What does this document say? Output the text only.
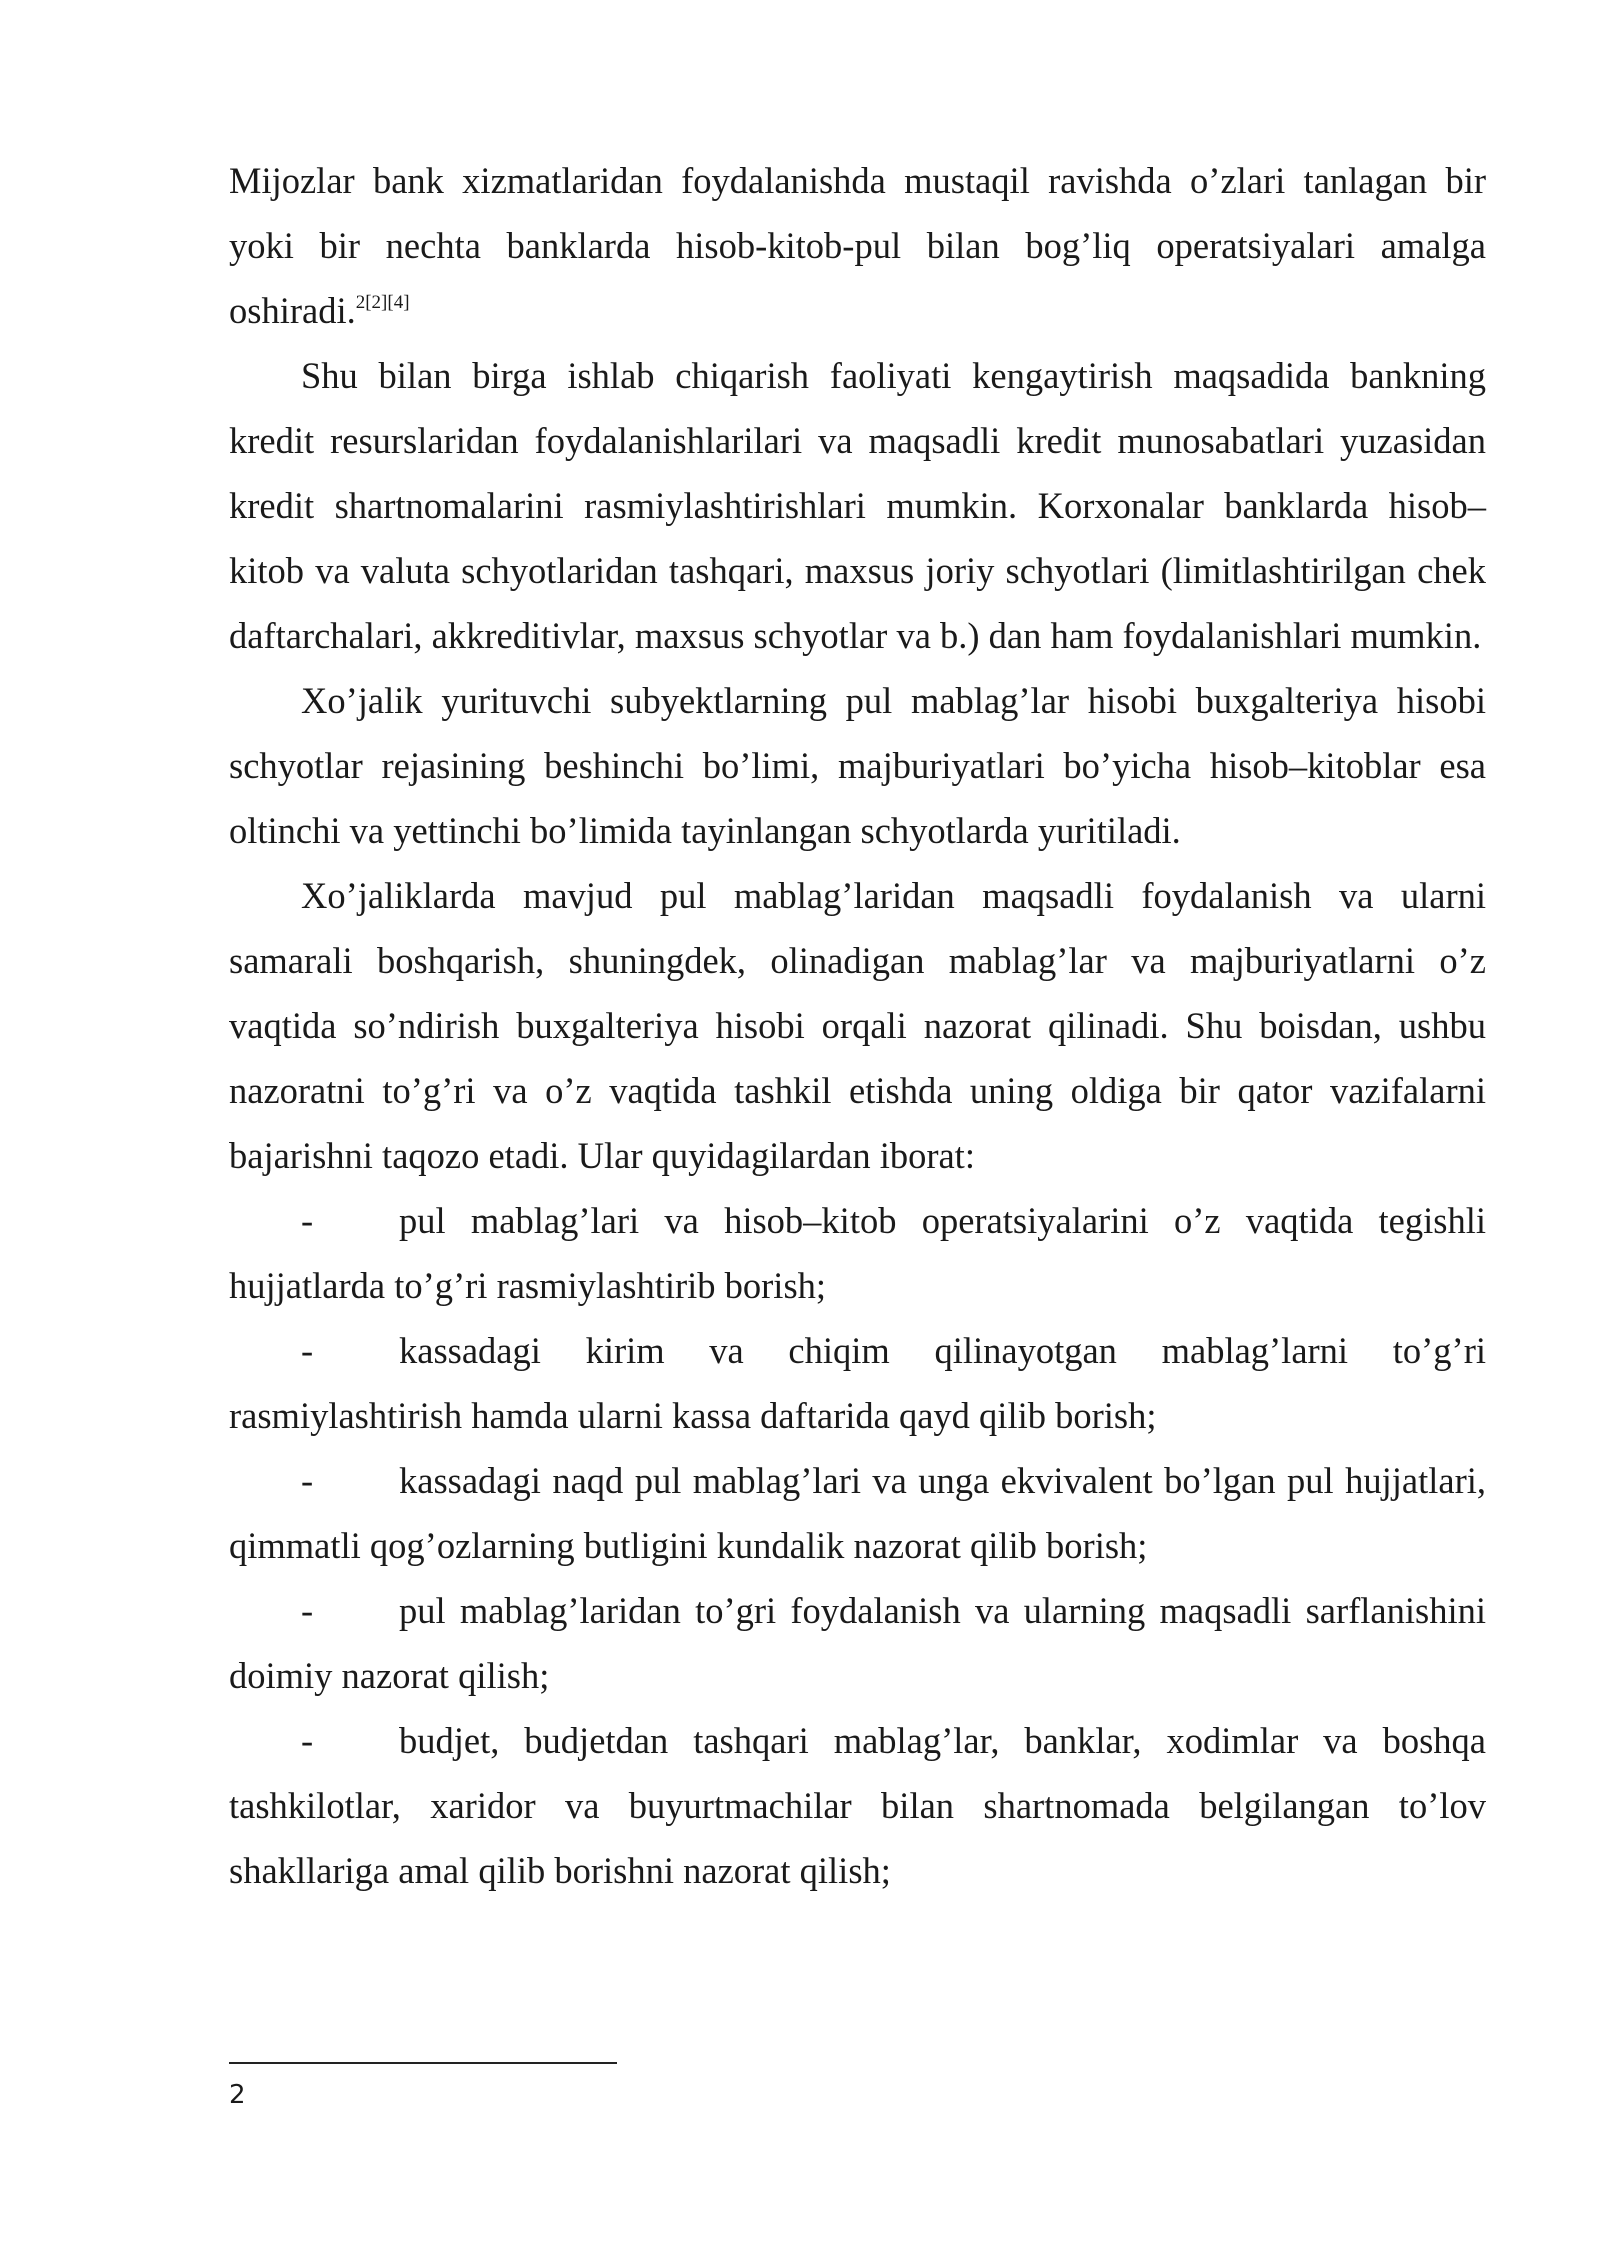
Mijozlar bank xizmatlaridan foydalanishda mustaqil ravishda o’zlari tanlagan bir yoki bir nechta banklarda hisob-kitob-pul bilan bog’liq operatsiyalari amalga oshiradi.$^{2[2][4]}$

Shu bilan birga ishlab chiqarish faoliyati kengaytirish maqsadida bankning kredit resurslaridan foydalanishlarilari va maqsadli kredit munosabatlari yuzasidan kredit shartnomalarini rasmiylashtirishlari mumkin. Korxonalar banklarda hisob–kitob va valuta schyotlaridan tashqari, maxsus joriy schyotlari (limitlashtirilgan chek daftarchalari, akkreditivlar, maxsus schyotlar va b.) dan ham foydalanishlari mumkin.

Xo’jalik yurituvchi subyektlarning pul mablag’lar hisobi buxgalteriya hisobi schyotlar rejasining beshinchi bo’limi, majburiyatlari bo’yicha hisob–kitoblar esa oltinchi va yettinchi bo’limida tayinlangan schyotlarda yuritiladi.

Xo’jaliklarda mavjud pul mablag’laridan maqsadli foydalanish va ularni samarali boshqarish, shuningdek, olinadigan mablag’lar va majburiyatlarni o’z vaqtida so’ndirish buxgalteriya hisobi orqali nazorat qilinadi. Shu boisdan, ushbu nazoratni to’g’ri va o’z vaqtida tashkil etishda uning oldiga bir qator vazifalarni bajarishni taqozo etadi. Ular quyidagilardan iborat:

- pul mablag’lari va hisob–kitob operatsiyalarini o’z vaqtida tegishli hujjatlarda to’g’ri rasmiylashtirib borish;

- kassadagi kirim va chiqim qilinayotgan mablag’larni to’g’ri rasmiylashtirish hamda ularni kassa daftarida qayd qilib borish;

- kassadagi naqd pul mablag’lari va unga ekvivalent bo’lgan pul hujjatlari, qimmatli qog’ozlarning butligini kundalik nazorat qilib borish;

- pul mablag’laridan to’gri foydalanish va ularning maqsadli sarflanishini doimiy nazorat qilish;

- budjet, budjetdan tashqari mablag’lar, banklar, xodimlar va boshqa tashkilotlar, xaridor va buyurtmachilar bilan shartnomada belgilangan to’lov shakllariga amal qilib borishni nazorat qilish;

2
